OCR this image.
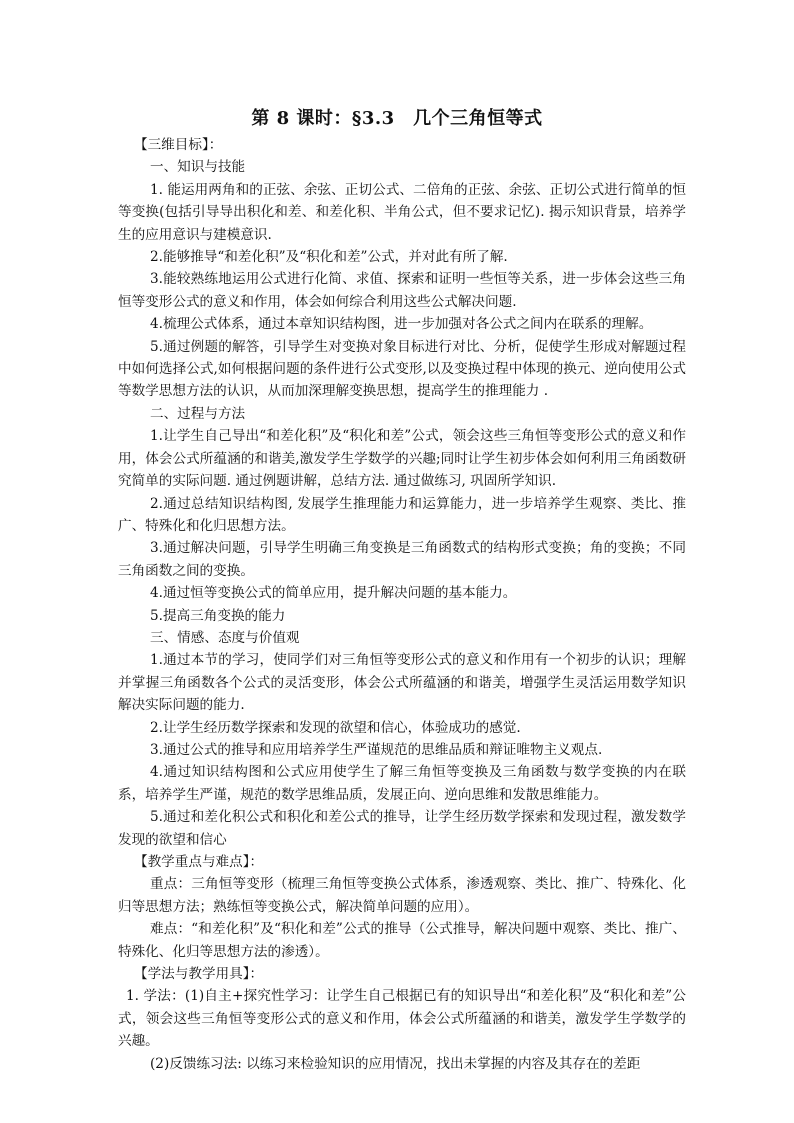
第 8 课时：§3.3　几个三角恒等式

【三维目标】：

一、知识与技能

1. 能运用两角和的正弦、余弦、正切公式、二倍角的正弦、余弦、正切公式进行简单的恒等变换(包括引导导出积化和差、和差化积、半角公式，但不要求记忆). 揭示知识背景，培养学生的应用意识与建模意识.

2.能够推导“和差化积”及“积化和差”公式，并对此有所了解.

3.能较熟练地运用公式进行化简、求值、探索和证明一些恒等关系，进一步体会这些三角恒等变形公式的意义和作用，体会如何综合利用这些公式解决问题.

4.梳理公式体系，通过本章知识结构图，进一步加强对各公式之间内在联系的理解。

5.通过例题的解答，引导学生对变换对象目标进行对比、分析，促使学生形成对解题过程中如何选择公式,如何根据问题的条件进行公式变形,以及变换过程中体现的换元、逆向使用公式等数学思想方法的认识，从而加深理解变换思想，提高学生的推理能力 .

二、过程与方法

1.让学生自己导出“和差化积”及“积化和差”公式，领会这些三角恒等变形公式的意义和作用，体会公式所蕴涵的和谐美,激发学生学数学的兴趣;同时让学生初步体会如何利用三角函数研究简单的实际问题. 通过例题讲解，总结方法. 通过做练习, 巩固所学知识.

2.通过总结知识结构图, 发展学生推理能力和运算能力，进一步培养学生观察、类比、推广、特殊化和化归思想方法。

3.通过解决问题，引导学生明确三角变换是三角函数式的结构形式变换；角的变换；不同三角函数之间的变换。

4.通过恒等变换公式的简单应用，提升解决问题的基本能力。

5.提高三角变换的能力

三、情感、态度与价值观

1.通过本节的学习，使同学们对三角恒等变形公式的意义和作用有一个初步的认识；理解并掌握三角函数各个公式的灵活变形，体会公式所蕴涵的和谐美，增强学生灵活运用数学知识解决实际问题的能力.

2.让学生经历数学探索和发现的欲望和信心，体验成功的感觉.

3.通过公式的推导和应用培养学生严谨规范的思维品质和辩证唯物主义观点.

4.通过知识结构图和公式应用使学生了解三角恒等变换及三角函数与数学变换的内在联系，培养学生严谨，规范的数学思维品质，发展正向、逆向思维和发散思维能力。

5.通过和差化积公式和积化和差公式的推导，让学生经历数学探索和发现过程，激发数学发现的欲望和信心

【教学重点与难点】：

重点：三角恒等变形（梳理三角恒等变换公式体系，渗透观察、类比、推广、特殊化、化归等思想方法；熟练恒等变换公式，解决简单问题的应用）。

难点：“和差化积”及“积化和差”公式的推导（公式推导，解决问题中观察、类比、推广、特殊化、化归等思想方法的渗透）。

【学法与教学用具】：

1. 学法：(1)自主+探究性学习：让学生自己根据已有的知识导出“和差化积”及“积化和差”公式，领会这些三角恒等变形公式的意义和作用，体会公式所蕴涵的和谐美，激发学生学数学的兴趣。

(2)反馈练习法: 以练习来检验知识的应用情况，找出未掌握的内容及其存在的差距
